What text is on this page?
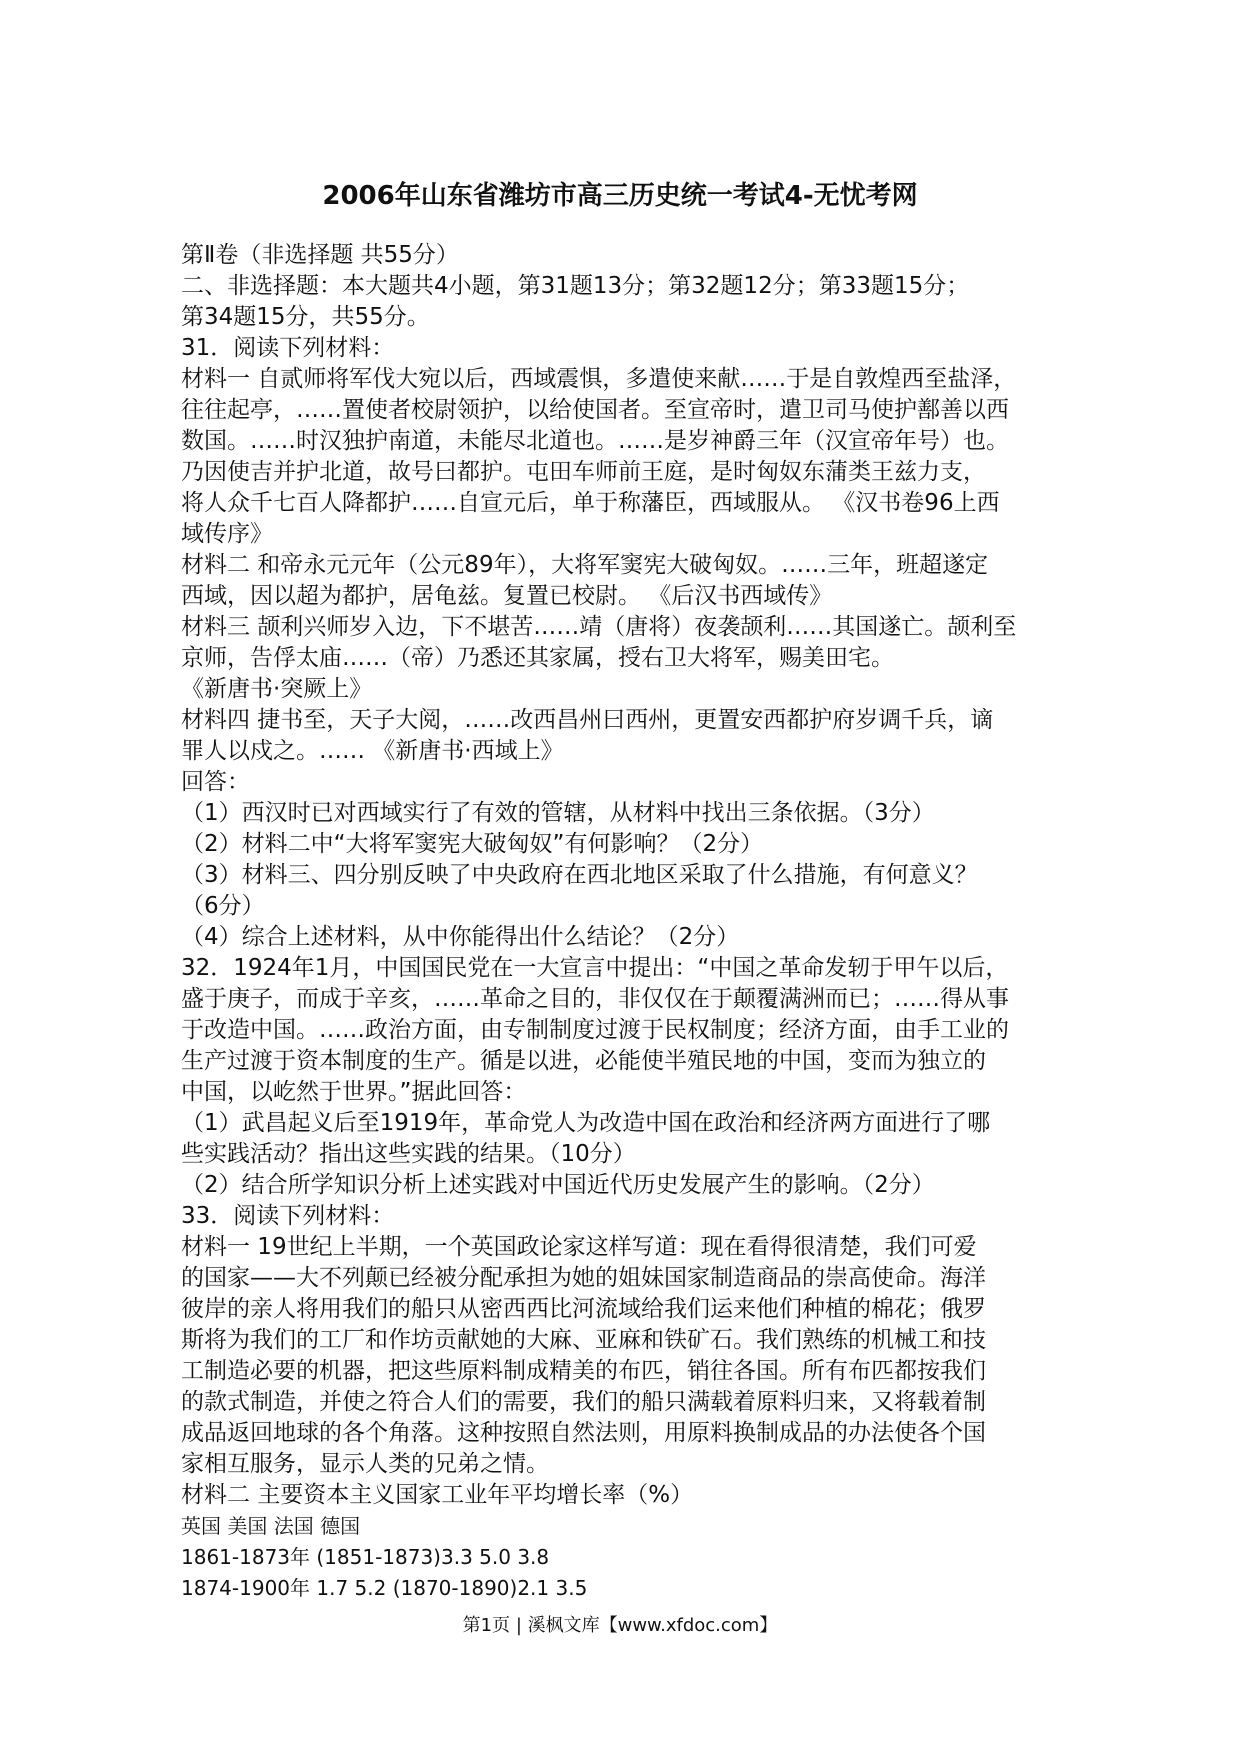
2006年山东省潍坊市高三历史统一考试4-无忧考网
第Ⅱ卷（非选择题 共55分）
二、非选择题：本大题共4小题，第31题13分；第32题12分；第33题15分；
第34题15分，共55分。
31．阅读下列材料：
材料一 自贰师将军伐大宛以后，西域震惧，多遣使来献……于是自敦煌西至盐泽，
往往起亭，……置使者校尉领护，以给使国者。至宣帝时，遣卫司马使护鄯善以西
数国。……时汉独护南道，未能尽北道也。……是岁神爵三年（汉宣帝年号）也。
乃因使吉并护北道，故号曰都护。屯田车师前王庭，是时匈奴东蒲类王兹力支，
将人众千七百人降都护……自宣元后，单于称藩臣，西域服从。 《汉书卷96上西
域传序》
材料二 和帝永元元年（公元89年），大将军窦宪大破匈奴。……三年，班超遂定
西域，因以超为都护，居龟兹。复置已校尉。 《后汉书西域传》
材料三 颉利兴师岁入边，下不堪苦……靖（唐将）夜袭颉利……其国遂亡。颉利至
京师，告俘太庙……（帝）乃悉还其家属，授右卫大将军，赐美田宅。
《新唐书·突厥上》
材料四 捷书至，天子大阅，……改西昌州曰西州，更置安西都护府岁调千兵，谪
罪人以戍之。…… 《新唐书·西域上》
回答：
（1）西汉时已对西域实行了有效的管辖，从材料中找出三条依据。（3分）
（2）材料二中“大将军窦宪大破匈奴”有何影响？（2分）
（3）材料三、四分别反映了中央政府在西北地区采取了什么措施，有何意义？
（6分）
（4）综合上述材料，从中你能得出什么结论？（2分）
32．1924年1月，中国国民党在一大宣言中提出：“中国之革命发轫于甲午以后，
盛于庚子，而成于辛亥，……革命之目的，非仅仅在于颠覆满洲而已；……得从事
于改造中国。……政治方面，由专制制度过渡于民权制度；经济方面，由手工业的
生产过渡于资本制度的生产。循是以进，必能使半殖民地的中国，变而为独立的
中国，以屹然于世界。”据此回答：
（1）武昌起义后至1919年，革命党人为改造中国在政治和经济两方面进行了哪
些实践活动？指出这些实践的结果。（10分）
（2）结合所学知识分析上述实践对中国近代历史发展产生的影响。（2分）
33．阅读下列材料：
材料一 19世纪上半期，一个英国政论家这样写道：现在看得很清楚，我们可爱
的国家——大不列颠已经被分配承担为她的姐妹国家制造商品的崇高使命。海洋
彼岸的亲人将用我们的船只从密西西比河流域给我们运来他们种植的棉花；俄罗
斯将为我们的工厂和作坊贡献她的大麻、亚麻和铁矿石。我们熟练的机械工和技
工制造必要的机器，把这些原料制成精美的布匹，销往各国。所有布匹都按我们
的款式制造，并使之符合人们的需要，我们的船只满载着原料归来，又将载着制
成品返回地球的各个角落。这种按照自然法则，用原料换制成品的办法使各个国
家相互服务，显示人类的兄弟之情。
材料二 主要资本主义国家工业年平均增长率（%）
英国 美国 法国 德国
1861-1873年 (1851-1873)3.3 5.0 3.8
1874-1900年 1.7 5.2 (1870-1890)2.1 3.5
第1页 | 溪枫文库【www.xfdoc.com】
